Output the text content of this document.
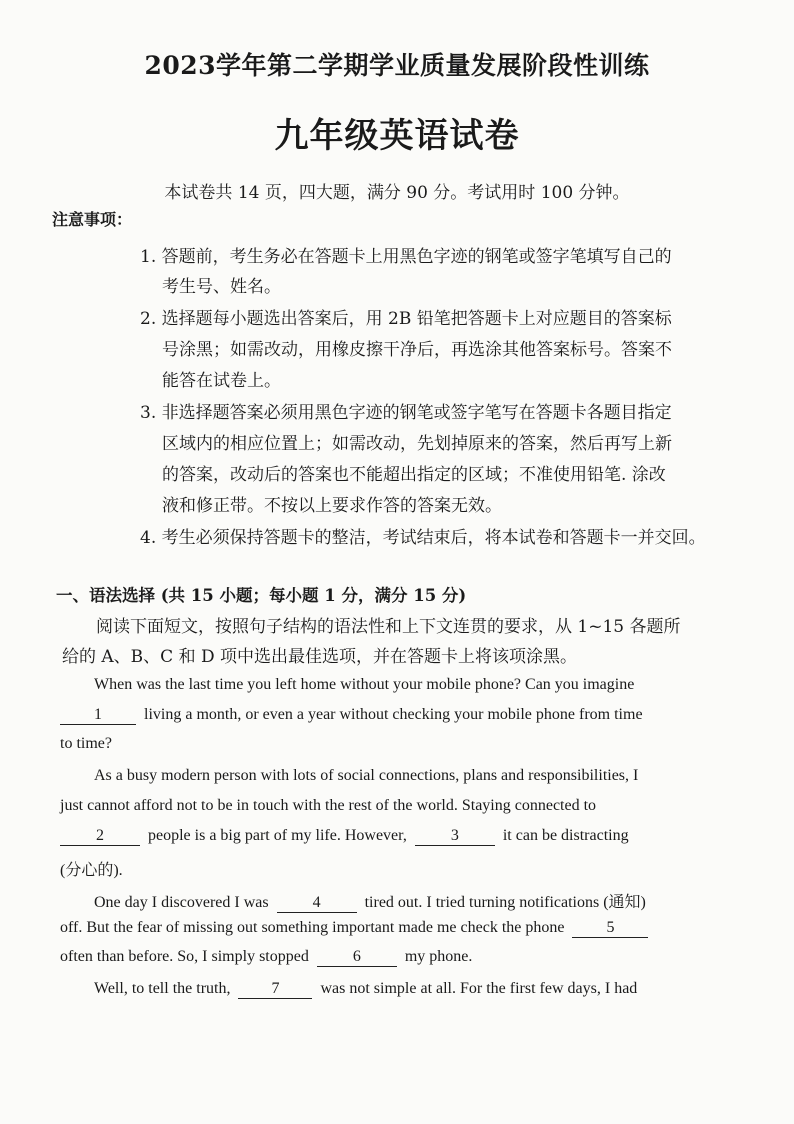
2023学年第二学期学业质量发展阶段性训练
九年级英语试卷
本试卷共 14 页，四大题，满分 90 分。考试用时 100 分钟。
注意事项：
1. 答题前，考生务必在答题卡上用黑色字迹的钢笔或签字笔填写自己的
考生号、姓名。
2. 选择题每小题选出答案后，用 2B 铅笔把答题卡上对应题目的答案标
号涂黑；如需改动，用橡皮擦干净后，再选涂其他答案标号。答案不
能答在试卷上。
3. 非选择题答案必须用黑色字迹的钢笔或签字笔写在答题卡各题目指定
区域内的相应位置上；如需改动，先划掉原来的答案，然后再写上新
的答案，改动后的答案也不能超出指定的区域；不准使用铅笔. 涂改
液和修正带。不按以上要求作答的答案无效。
4. 考生必须保持答题卡的整洁，考试结束后，将本试卷和答题卡一并交回。
一、语法选择 (共 15 小题；每小题 1 分，满分 15 分)
阅读下面短文，按照句子结构的语法性和上下文连贯的要求，从 1~15 各题所
给的 A、B、C 和 D 项中选出最佳选项，并在答题卡上将该项涂黑。
When was the last time you left home without your mobile phone? Can you imagine
1	living a month, or even a year without checking your mobile phone from time
to time?
As a busy modern person with lots of social connections, plans and responsibilities, I
just cannot afford not to be in touch with the rest of the world. Staying connected to
2	people is a big part of my life. However,	3	it can be distracting
(分心的).
One day I discovered I was	4	tired out. I tried turning notifications (通知)
off. But the fear of missing out something important made me check the phone	5
often than before. So, I simply stopped	6	my phone.
Well, to tell the truth,	7	was not simple at all. For the first few days, I had
